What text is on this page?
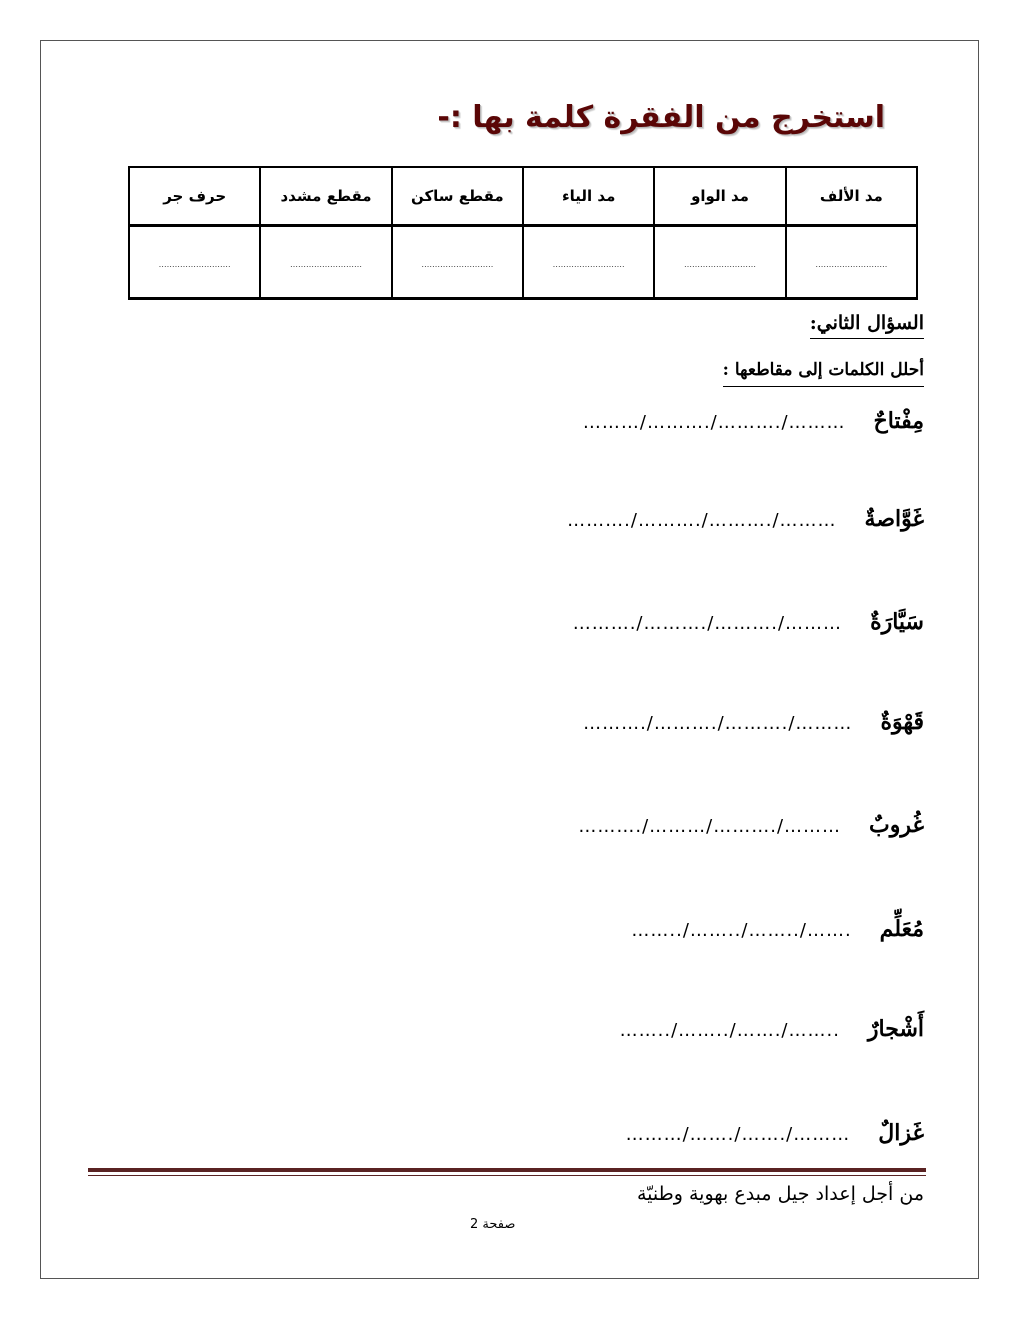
استخرج من الفقرة كلمة بها :-
مد الألف	مد الواو	مد الياء	مقطع ساكن	مقطع مشدد	حرف جر
………………………	………………………	………………………	………………………	………………………	………………………
السؤال الثاني:
أحلل الكلمات إلى مقاطعها :
مِفْتاحٌ
………/………./………./………
غَوَّاصةٌ
………./………./………./………
سَيَّارَةٌ
………./………./………./………
قَهْوَةٌ
………./………./………./………
غُروبٌ
………./………/………./………
مُعَلِّم
……../……../……../…….
أَشْجارٌ
……../……../……./……..
غَزالٌ
………/……./……./………
من أجل إعداد جيل مبدع بهوية وطنيّة
صفحة 2
